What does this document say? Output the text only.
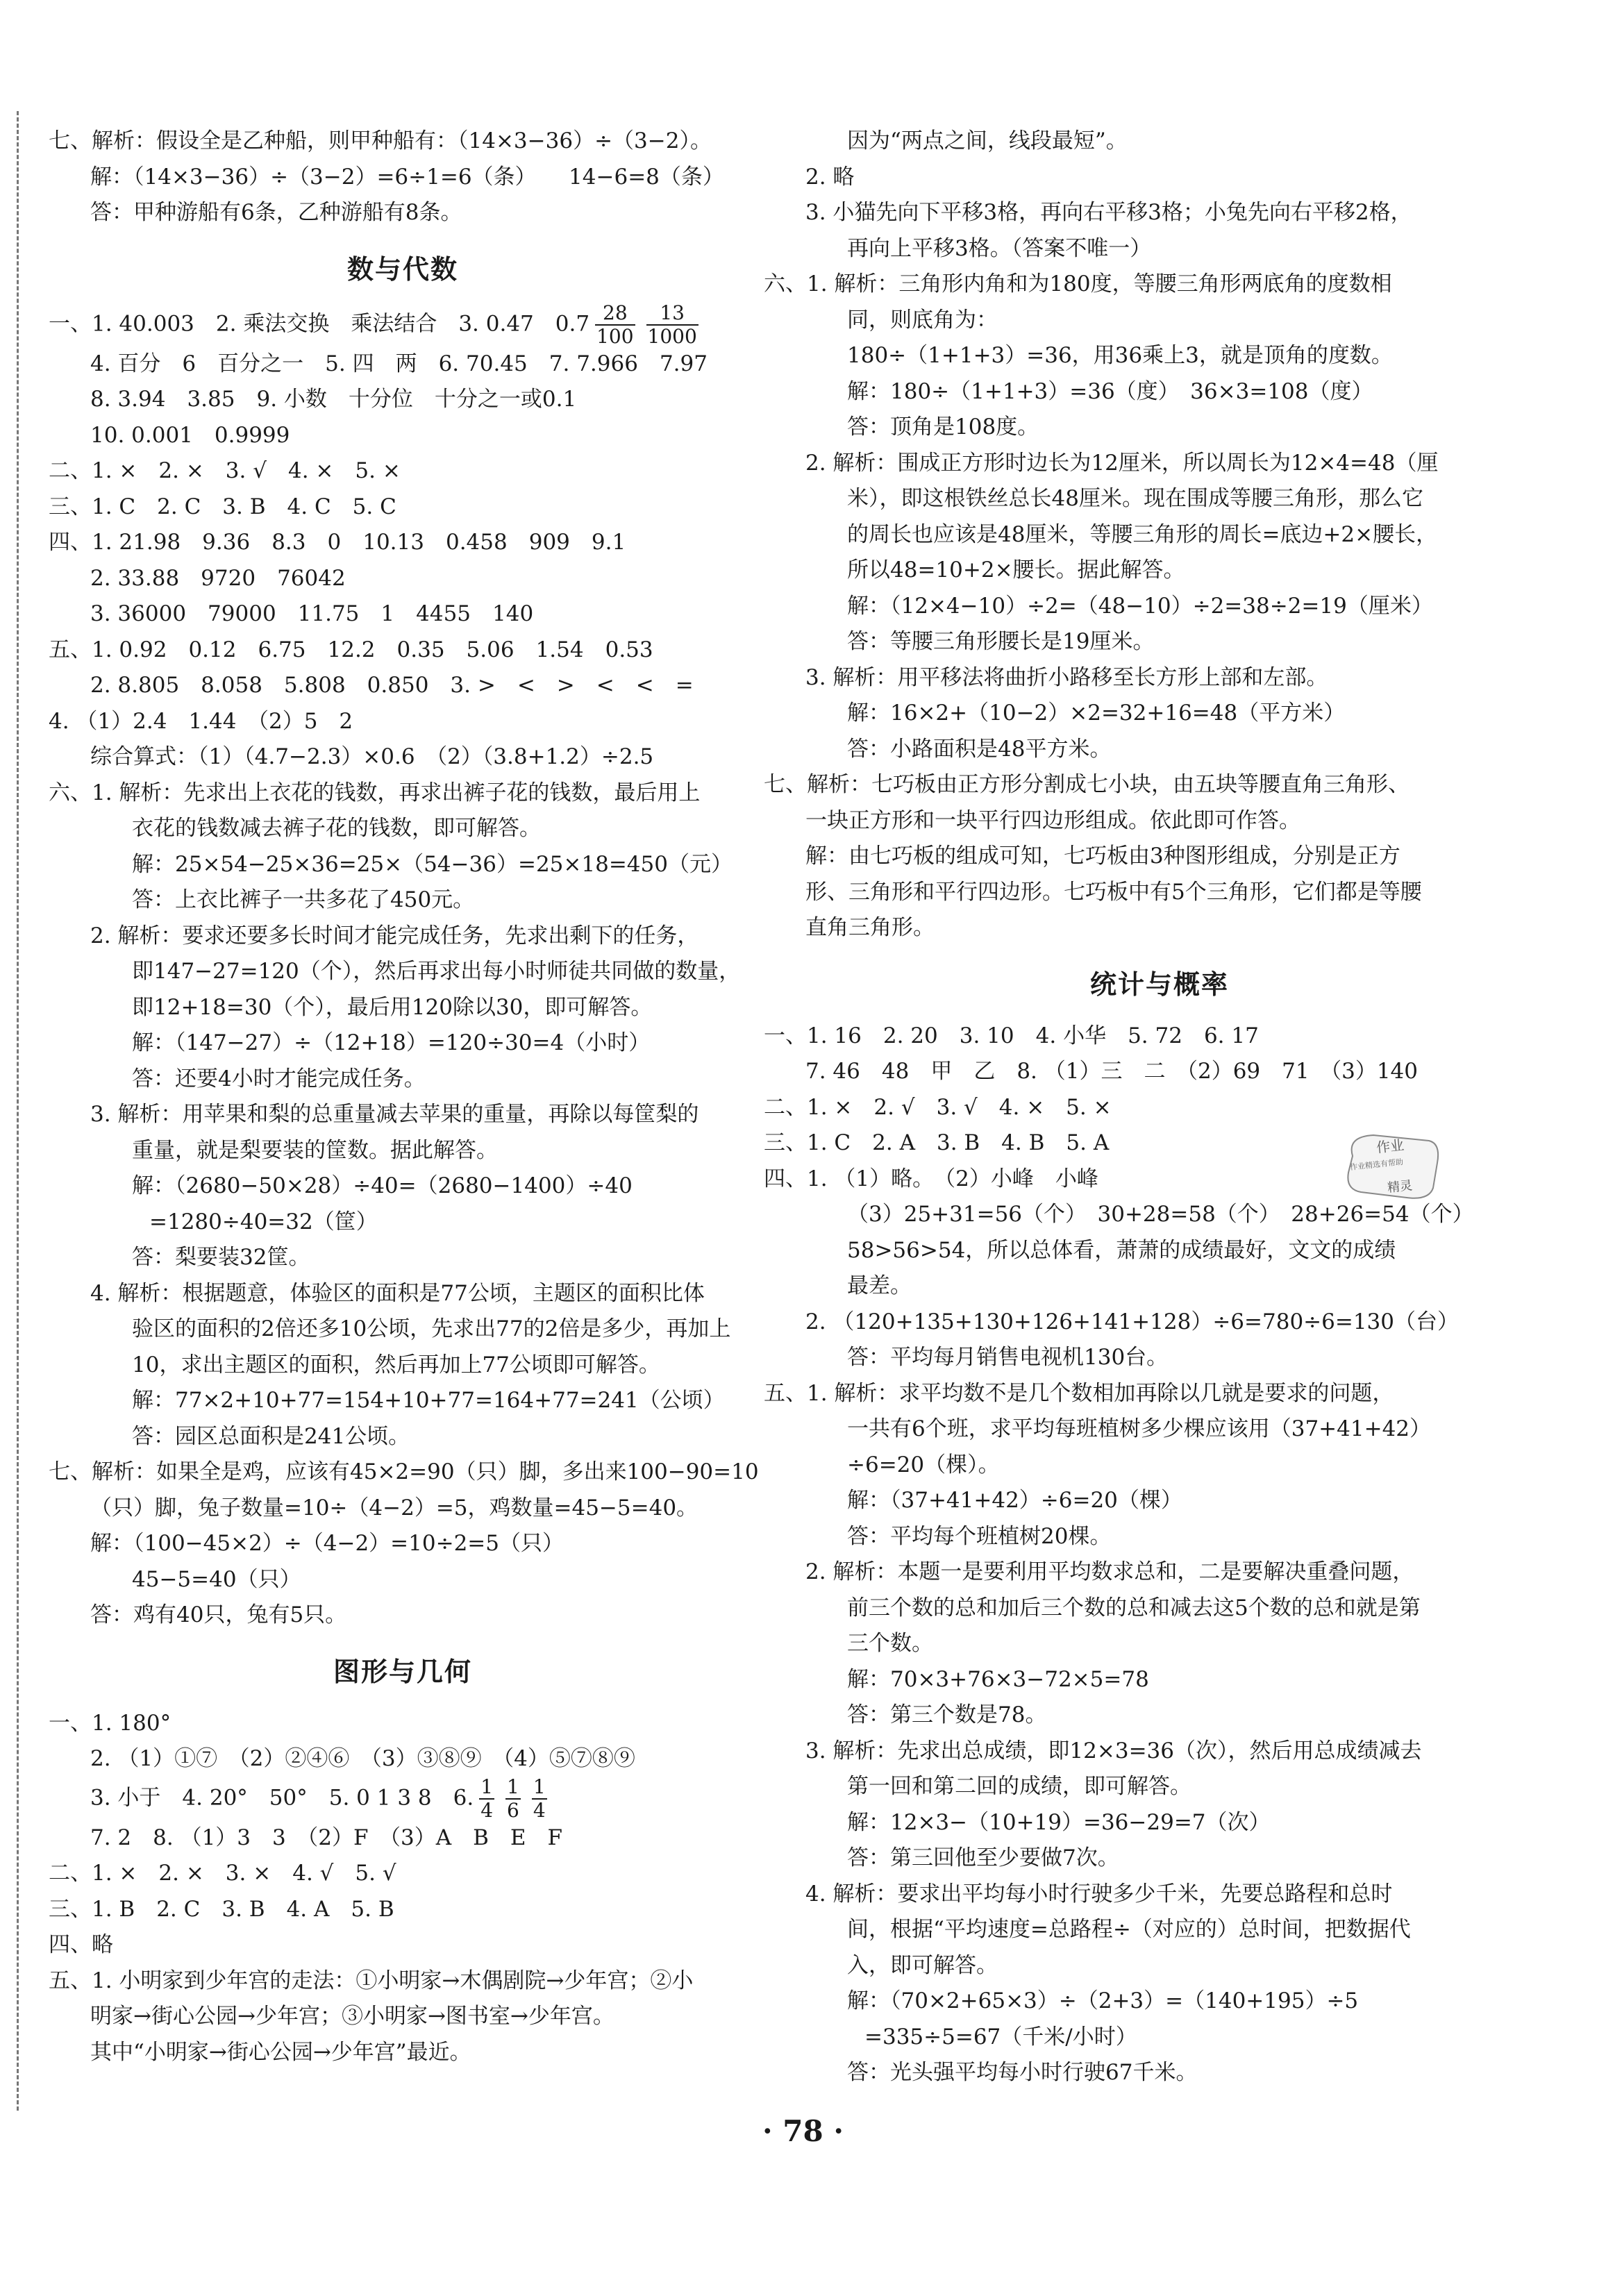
七、解析：假设全是乙种船，则甲种船有：（14×3−36）÷（3−2）。
解：（14×3−36）÷（3−2）=6÷1=6（条）　　14−6=8（条）
答：甲种游船有6条，乙种游船有8条。
数与代数
一、1. 40.003　2. 乘法交换　乘法结合　3. 0.47　$0.7 \frac{28}{100} \frac{13}{1000}$
4. 百分　6　百分之一　5. 四　两　6. 70.45　7. 7.966　7.97
8. 3.94　3.85　9. 小数　十分位　十分之一或0.1
10. 0.001　0.9999
二、1. ×　2. ×　3. √　4. ×　5. ×
三、1. C　2. C　3. B　4. C　5. C
四、1. 21.98　9.36　8.3　0　10.13　0.458　909　9.1
2. 33.88　9720　76042
3. 36000　79000　11.75　1　4455　140
五、1. 0.92　0.12　6.75　12.2　0.35　5.06　1.54　0.53
2. 8.805　8.058　5.808　0.850　3. >　<　>　<　<　=
4. （1）2.4　1.44　（2）5　2
综合算式：（1）（4.7−2.3）×0.6　（2）（3.8+1.2）÷2.5
六、1. 解析：先求出上衣花的钱数，再求出裤子花的钱数，最后用上
衣花的钱数减去裤子花的钱数，即可解答。
解：25×54−25×36=25×（54−36）=25×18=450（元）
答：上衣比裤子一共多花了450元。
2. 解析：要求还要多长时间才能完成任务，先求出剩下的任务，
即147−27=120（个），然后再求出每小时师徒共同做的数量，
即12+18=30（个），最后用120除以30，即可解答。
解：（147−27）÷（12+18）=120÷30=4（小时）
答：还要4小时才能完成任务。
3. 解析：用苹果和梨的总重量减去苹果的重量，再除以每筐梨的
重量，就是梨要装的筐数。据此解答。
解：（2680−50×28）÷40=（2680−1400）÷40
=1280÷40=32（筐）
答：梨要装32筐。
4. 解析：根据题意，体验区的面积是77公顷，主题区的面积比体
验区的面积的2倍还多10公顷，先求出77的2倍是多少，再加上
10，求出主题区的面积，然后再加上77公顷即可解答。
解：77×2+10+77=154+10+77=164+77=241（公顷）
答：园区总面积是241公顷。
七、解析：如果全是鸡，应该有45×2=90（只）脚，多出来100−90=10
（只）脚，兔子数量=10÷（4−2）=5，鸡数量=45−5=40。
解：（100−45×2）÷（4−2）=10÷2=5（只）
45−5=40（只）
答：鸡有40只，兔有5只。
图形与几何
一、1. 180°
2. （1）①⑦　（2）②④⑥　（3）③⑧⑨　（4）⑤⑦⑧⑨
3. 小于　4. 20°　50°　5. 0 1 3 8　6. $\frac{1}{4} \frac{1}{6} \frac{1}{4}$
7. 2　8. （1）3　3　（2）F　（3）A　B　E　F
二、1. ×　2. ×　3. ×　4. √　5. √
三、1. B　2. C　3. B　4. A　5. B
四、略
五、1. 小明家到少年宫的走法：①小明家→木偶剧院→少年宫；②小
明家→街心公园→少年宫；③小明家→图书室→少年宫。
其中“小明家→街心公园→少年宫”最近。
因为“两点之间，线段最短”。
2. 略
3. 小猫先向下平移3格，再向右平移3格；小兔先向右平移2格，
再向上平移3格。（答案不唯一）
六、1. 解析：三角形内角和为180度，等腰三角形两底角的度数相
同，则底角为：
180÷（1+1+3）=36，用36乘上3，就是顶角的度数。
解：180÷（1+1+3）=36（度）　36×3=108（度）
答：顶角是108度。
2. 解析：围成正方形时边长为12厘米，所以周长为12×4=48（厘
米），即这根铁丝总长48厘米。现在围成等腰三角形，那么它
的周长也应该是48厘米，等腰三角形的周长=底边+2×腰长，
所以48=10+2×腰长。据此解答。
解：（12×4−10）÷2=（48−10）÷2=38÷2=19（厘米）
答：等腰三角形腰长是19厘米。
3. 解析：用平移法将曲折小路移至长方形上部和左部。
解：16×2+（10−2）×2=32+16=48（平方米）
答：小路面积是48平方米。
七、解析：七巧板由正方形分割成七小块，由五块等腰直角三角形、
一块正方形和一块平行四边形组成。依此即可作答。
解：由七巧板的组成可知，七巧板由3种图形组成，分别是正方
形、三角形和平行四边形。七巧板中有5个三角形，它们都是等腰
直角三角形。
统计与概率
一、1. 16　2. 20　3. 10　4. 小华　5. 72　6. 17
7. 46　48　甲　乙　8. （1）三　二　（2）69　71　（3）140
二、1. ×　2. √　3. √　4. ×　5. ×
三、1. C　2. A　3. B　4. B　5. A
四、1. （1）略。　（2）小峰　小峰
（3）25+31=56（个）　30+28=58（个）　28+26=54（个）
58>56>54，所以总体看，萧萧的成绩最好，文文的成绩
最差。
2. （120+135+130+126+141+128）÷6=780÷6=130（台）
答：平均每月销售电视机130台。
五、1. 解析：求平均数不是几个数相加再除以几就是要求的问题，
一共有6个班，求平均每班植树多少棵应该用（37+41+42）
÷6=20（棵）。
解：（37+41+42）÷6=20（棵）
答：平均每个班植树20棵。
2. 解析：本题一是要利用平均数求总和，二是要解决重叠问题，
前三个数的总和加后三个数的总和减去这5个数的总和就是第
三个数。
解：70×3+76×3−72×5=78
答：第三个数是78。
3. 解析：先求出总成绩，即12×3=36（次），然后用总成绩减去
第一回和第二回的成绩，即可解答。
解：12×3−（10+19）=36−29=7（次）
答：第三回他至少要做7次。
4. 解析：要求出平均每小时行驶多少千米，先要总路程和总时
间，根据“平均速度=总路程÷（对应的）总时间，把数据代
入，即可解答。
解：（70×2+65×3）÷（2+3）=（140+195）÷5
=335÷5=67（千米/小时）
答：光头强平均每小时行驶67千米。
作业
作业精选有帮助
精灵
· 78 ·
